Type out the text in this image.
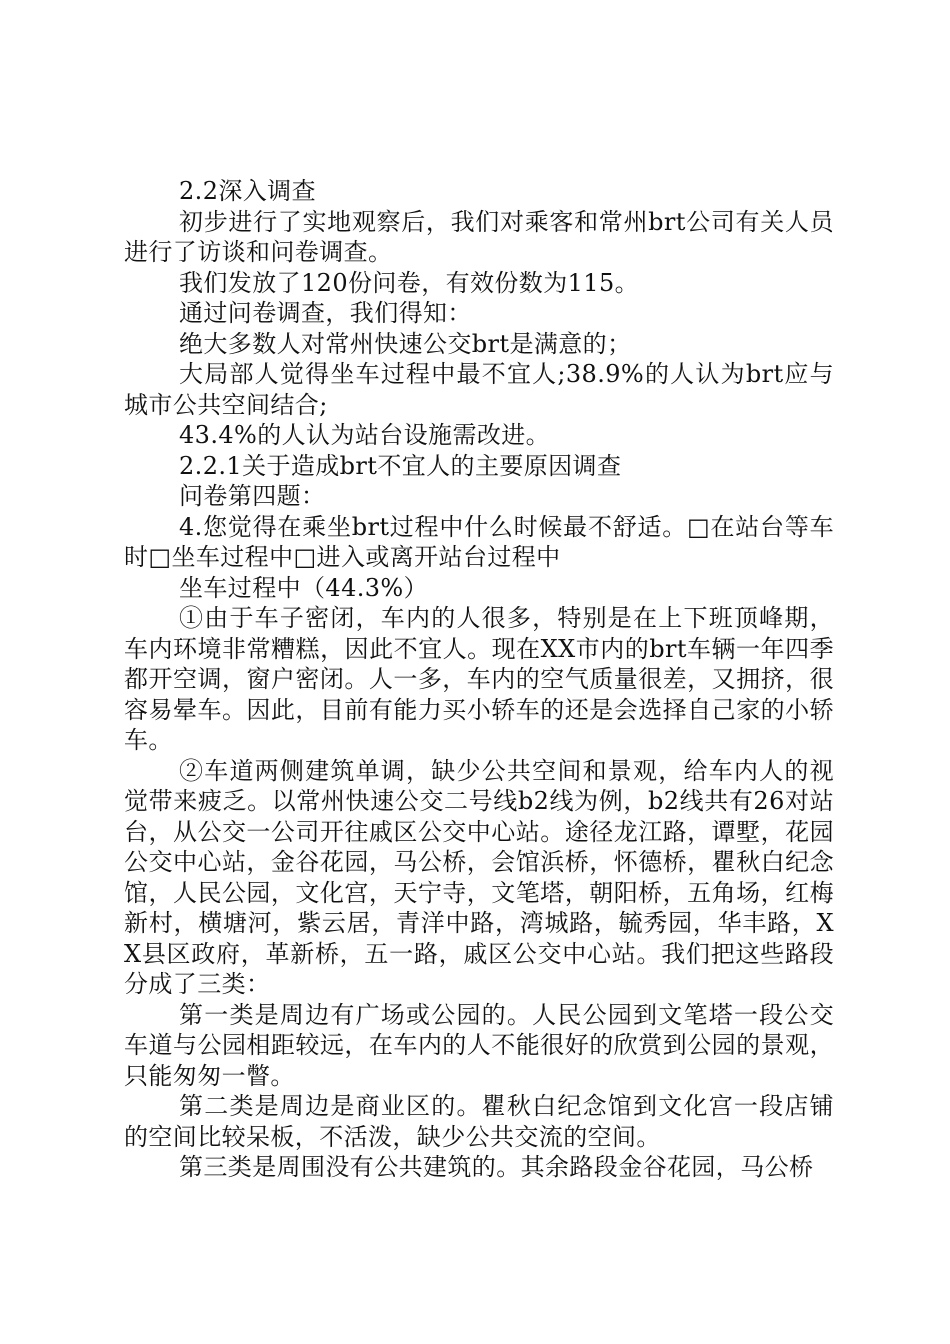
2.2深入调查

初步进行了实地观察后，我们对乘客和常州brt公司有关人员进行了访谈和问卷调查。

我们发放了120份问卷，有效份数为115。

通过问卷调查，我们得知：

绝大多数人对常州快速公交brt是满意的；

大局部人觉得坐车过程中最不宜人;38.9%的人认为brt应与城市公共空间结合;

43.4%的人认为站台设施需改进。

2.2.1关于造成brt不宜人的主要原因调查

问卷第四题：

4.您觉得在乘坐brt过程中什么时候最不舒适。□在站台等车时□坐车过程中□进入或离开站台过程中

坐车过程中（44.3%）

①由于车子密闭，车内的人很多，特别是在上下班顶峰期，车内环境非常糟糕，因此不宜人。现在XX市内的brt车辆一年四季都开空调，窗户密闭。人一多，车内的空气质量很差，又拥挤，很容易晕车。因此，目前有能力买小轿车的还是会选择自己家的小轿车。

②车道两侧建筑单调，缺少公共空间和景观，给车内人的视觉带来疲乏。以常州快速公交二号线b2线为例，b2线共有26对站台，从公交一公司开往戚区公交中心站。途径龙江路，谭墅，花园公交中心站，金谷花园，马公桥，会馆浜桥，怀德桥，瞿秋白纪念馆，人民公园，文化宫，天宁寺，文笔塔，朝阳桥，五角场，红梅新村，横塘河，紫云居，青洋中路，湾城路，毓秀园，华丰路，XX县区政府，革新桥，五一路，戚区公交中心站。我们把这些路段分成了三类：

第一类是周边有广场或公园的。人民公园到文笔塔一段公交车道与公园相距较远，在车内的人不能很好的欣赏到公园的景观，只能匆匆一瞥。

第二类是周边是商业区的。瞿秋白纪念馆到文化宫一段店铺的空间比较呆板，不活泼，缺少公共交流的空间。

第三类是周围没有公共建筑的。其余路段金谷花园，马公桥
